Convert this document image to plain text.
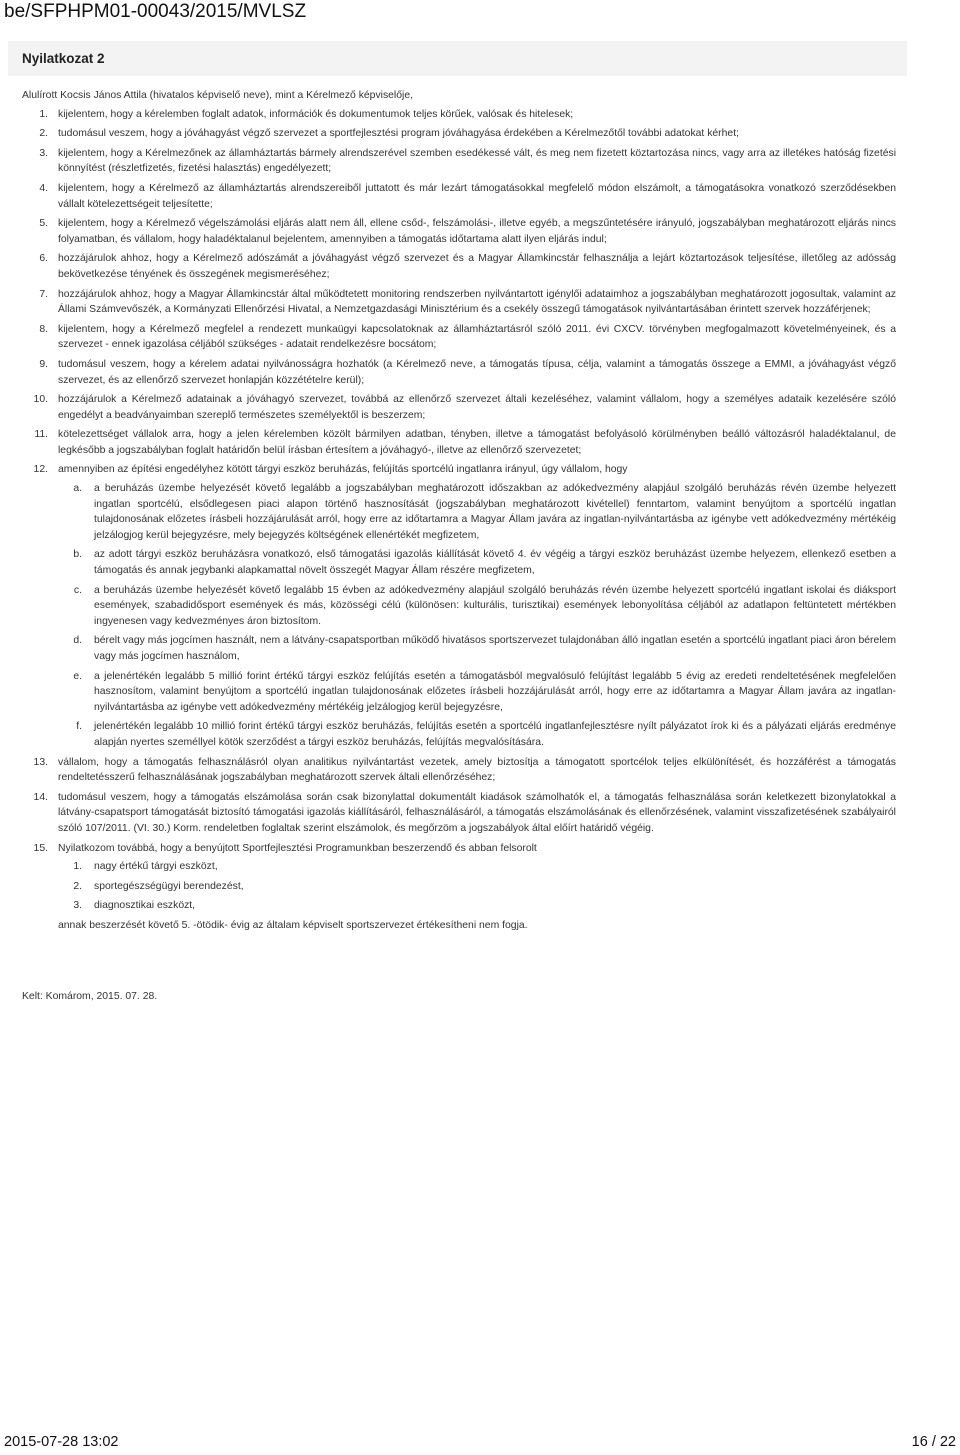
be/SFPHPM01-00043/2015/MVLSZ
Nyilatkozat 2
Alulírott Kocsis János Attila (hivatalos képviselő neve), mint a Kérelmező képviselője,
1. kijelentem, hogy a kérelemben foglalt adatok, információk és dokumentumok teljes körűek, valósak és hitelesek;
2. tudomásul veszem, hogy a jóváhagyást végző szervezet a sportfejlesztési program jóváhagyása érdekében a Kérelmezőtől további adatokat kérhet;
3. kijelentem, hogy a Kérelmezőnek az államháztartás bármely alrendszerével szemben esedékessé vált, és meg nem fizetett köztartozása nincs, vagy arra az illetékes hatóság fizetési könnyítést (részletfizetés, fizetési halasztás) engedélyezett;
4. kijelentem, hogy a Kérelmező az államháztartás alrendszereiből juttatott és már lezárt támogatásokkal megfelelő módon elszámolt, a támogatásokra vonatkozó szerződésekben vállalt kötelezettségeit teljesítette;
5. kijelentem, hogy a Kérelmező végelszámolási eljárás alatt nem áll, ellene csőd-, felszámolási-, illetve egyéb, a megszűntetésére irányuló, jogszabályban meghatározott eljárás nincs folyamatban, és vállalom, hogy haladéktalanul bejelentem, amennyiben a támogatás időtartama alatt ilyen eljárás indul;
6. hozzájárulok ahhoz, hogy a Kérelmező adószámát a jóváhagyást végző szervezet és a Magyar Államkincstár felhasználja a lejárt köztartozások teljesítése, illetőleg az adósság bekövetkezése tényének és összegének megismeréséhez;
7. hozzájárulok ahhoz, hogy a Magyar Államkincstár által működtetett monitoring rendszerben nyilvántartott igénylői adataimhoz a jogszabályban meghatározott jogosultak, valamint az Állami Számvevőszék, a Kormányzati Ellenőrzési Hivatal, a Nemzetgazdasági Minisztérium és a csekély összegű támogatások nyilvántartásában érintett szervek hozzáférjenek;
8. kijelentem, hogy a Kérelmező megfelel a rendezett munkaügyi kapcsolatoknak az államháztartásról szóló 2011. évi CXCV. törvényben megfogalmazott követelményeinek, és a szervezet - ennek igazolása céljából szükséges - adatait rendelkezésre bocsátom;
9. tudomásul veszem, hogy a kérelem adatai nyilvánosságra hozhatók (a Kérelmező neve, a támogatás típusa, célja, valamint a támogatás összege a EMMI, a jóváhagyást végző szervezet, és az ellenőrző szervezet honlapján közzétételre kerül);
10. hozzájárulok a Kérelmező adatainak a jóváhagyó szervezet, továbbá az ellenőrző szervezet általi kezeléséhez, valamint vállalom, hogy a személyes adataik kezelésére szóló engedélyt a beadványaimban szereplő természetes személyektől is beszerzem;
11. kötelezettséget vállalok arra, hogy a jelen kérelemben közölt bármilyen adatban, tényben, illetve a támogatást befolyásoló körülményben beálló változásról haladéktalanul, de legkésőbb a jogszabályban foglalt határidőn belül írásban értesítem a jóváhagyó-, illetve az ellenőrző szervezetet;
12. amennyiben az építési engedélyhez kötött tárgyi eszköz beruházás, felújítás sportcélú ingatlanra irányul, úgy vállalom, hogy
a. a beruházás üzembe helyezését követő legalább a jogszabályban meghatározott időszakban az adókedvezmény alapjául szolgáló beruházás révén üzembe helyezett ingatlan sportcélú, elsődlegesen piaci alapon történő hasznosítását (jogszabályban meghatározott kivétellel) fenntartom, valamint benyújtom a sportcélú ingatlan tulajdonosának előzetes írásbeli hozzájárulását arról, hogy erre az időtartamra a Magyar Állam javára az ingatlan-nyilvántartásba az igénybe vett adókedvezmény mértékéig jelzálogjog kerül bejegyzésre, mely bejegyzés költségének ellenértékét megfizetem,
b. az adott tárgyi eszköz beruházásra vonatkozó, első támogatási igazolás kiállítását követő 4. év végéig a tárgyi eszköz beruházást üzembe helyezem, ellenkező esetben a támogatás és annak jegybanki alapkamattal növelt összegét Magyar Állam részére megfizetem,
c. a beruházás üzembe helyezését követő legalább 15 évben az adókedvezmény alapjául szolgáló beruházás révén üzembe helyezett sportcélú ingatlant iskolai és diáksport események, szabadidősport események és más, közösségi célú (különösen: kulturális, turisztikai) események lebonyolítása céljából az adatlapon feltüntetett mértékben ingyenesen vagy kedvezményes áron biztosítom.
d. bérelt vagy más jogcímen használt, nem a látvány-csapatsportban működő hivatásos sportszervezet tulajdonában álló ingatlan esetén a sportcélú ingatlant piaci áron bérelem vagy más jogcímen használom,
e. a jelenértékén legalább 5 millió forint értékű tárgyi eszköz felújítás esetén a támogatásból megvalósuló felújítást legalább 5 évig az eredeti rendeltetésének megfelelően hasznosítom, valamint benyújtom a sportcélú ingatlan tulajdonosának előzetes írásbeli hozzájárulását arról, hogy erre az időtartamra a Magyar Állam javára az ingatlan-nyilvántartásba az igénybe vett adókedvezmény mértékéig jelzálogjog kerül bejegyzésre,
f. jelenértékén legalább 10 millió forint értékű tárgyi eszköz beruházás, felújítás esetén a sportcélú ingatlanfejlesztésre nyílt pályázatot írok ki és a pályázati eljárás eredménye alapján nyertes személlyel kötök szerződést a tárgyi eszköz beruházás, felújítás megvalósítására.
13. vállalom, hogy a támogatás felhasználásról olyan analitikus nyilvántartást vezetek, amely biztosítja a támogatott sportcélok teljes elkülönítését, és hozzáférést a támogatás rendeltetésszerű felhasználásának jogszabályban meghatározott szervek általi ellenőrzéséhez;
14. tudomásul veszem, hogy a támogatás elszámolása során csak bizonylattal dokumentált kiadások számolhatók el, a támogatás felhasználása során keletkezett bizonylatokkal a látvány-csapatsport támogatását biztosító támogatási igazolás kiállításáról, felhasználásáról, a támogatás elszámolásának és ellenőrzésének, valamint visszafizetésének szabályairól szóló 107/2011. (VI. 30.) Korm. rendeletben foglaltak szerint elszámolok, és megőrzöm a jogszabályok által előírt határidő végéig.
15. Nyilatkozom továbbá, hogy a benyújtott Sportfejlesztési Programunkban beszerzendő és abban felsorolt
1. nagy értékű tárgyi eszközt,
2. sportegészségügyi berendezést,
3. diagnosztikai eszközt,
annak beszerzését követő 5. -ötödik- évig az általam képviselt sportszervezet értékesítheni nem fogja.
Kelt: Komárom, 2015. 07. 28.
2015-07-28 13:02	16 / 22
